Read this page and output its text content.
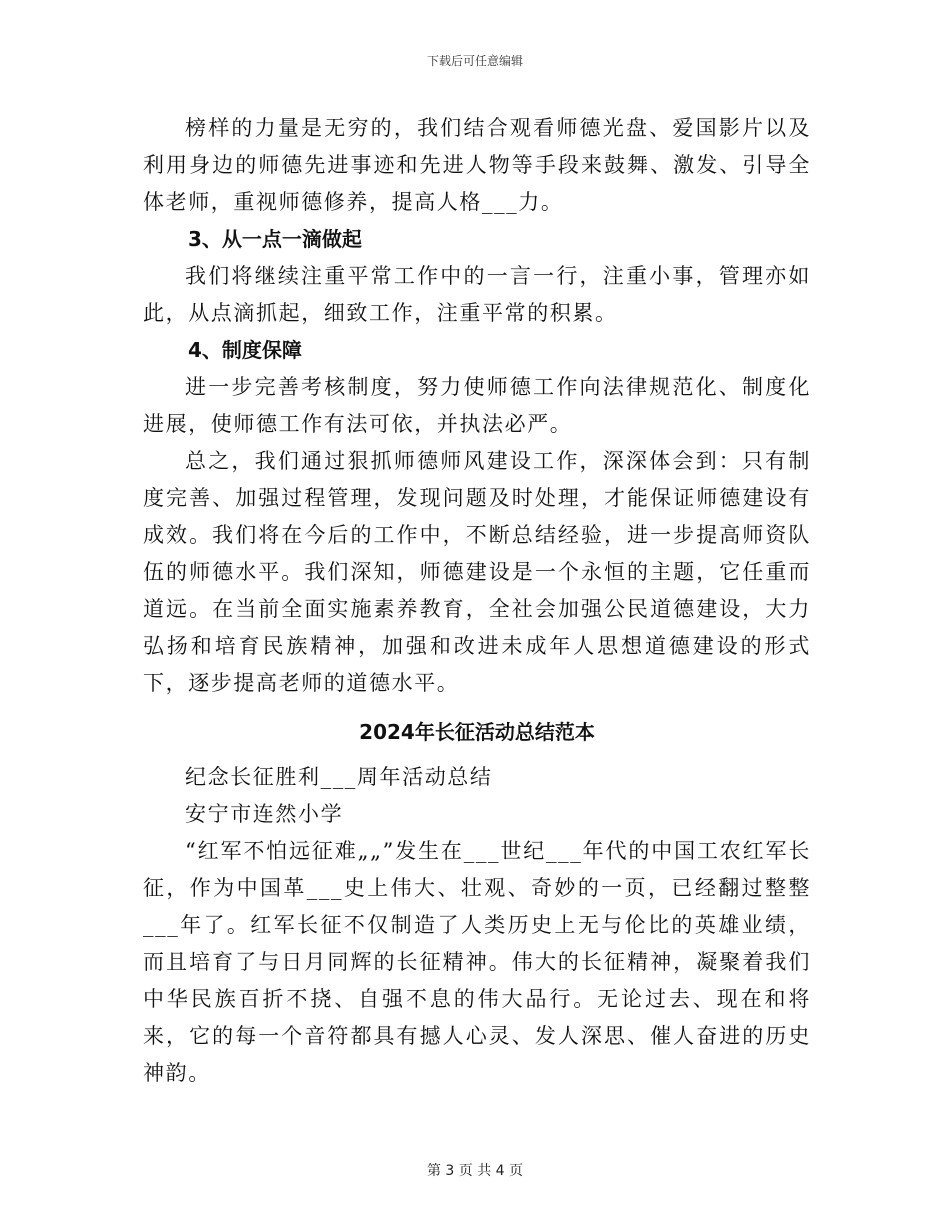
下载后可任意编辑

榜样的力量是无穷的，我们结合观看师德光盘、爱国影片以及利用身边的师德先进事迹和先进人物等手段来鼓舞、激发、引导全体老师，重视师德修养，提高人格___力。

3、从一点一滴做起

我们将继续注重平常工作中的一言一行，注重小事，管理亦如此，从点滴抓起，细致工作，注重平常的积累。

4、制度保障

进一步完善考核制度，努力使师德工作向法律规范化、制度化进展，使师德工作有法可依，并执法必严。

总之，我们通过狠抓师德师风建设工作，深深体会到：只有制度完善、加强过程管理，发现问题及时处理，才能保证师德建设有成效。我们将在今后的工作中，不断总结经验，进一步提高师资队伍的师德水平。我们深知，师德建设是一个永恒的主题，它任重而道远。在当前全面实施素养教育，全社会加强公民道德建设，大力弘扬和培育民族精神，加强和改进未成年人思想道德建设的形式下，逐步提高老师的道德水平。

2024年长征活动总结范本

纪念长征胜利___周年活动总结

安宁市连然小学

“红军不怕远征难„„”发生在___世纪___年代的中国工农红军长征，作为中国革___史上伟大、壮观、奇妙的一页，已经翻过整整___年了。红军长征不仅制造了人类历史上无与伦比的英雄业绩，而且培育了与日月同辉的长征精神。伟大的长征精神，凝聚着我们中华民族百折不挠、自强不息的伟大品行。无论过去、现在和将来，它的每一个音符都具有撼人心灵、发人深思、催人奋进的历史神韵。

第 3 页 共 4 页
